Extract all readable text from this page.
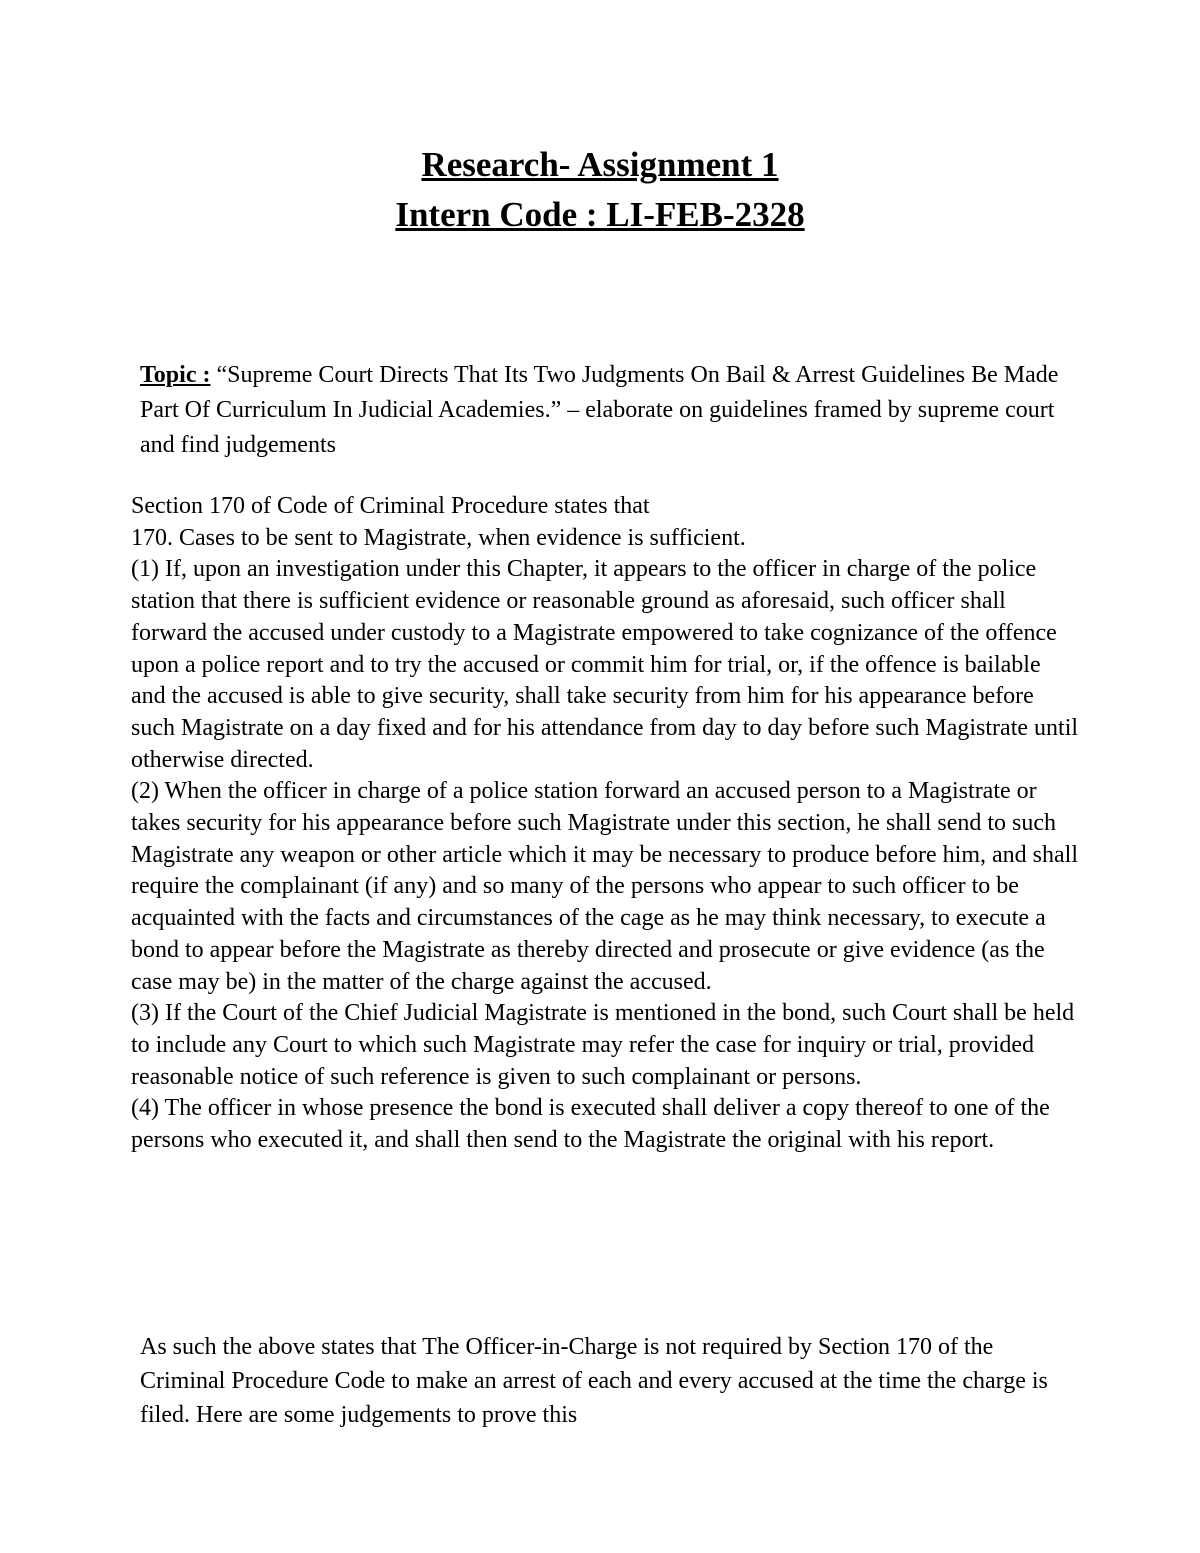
Research- Assignment 1

Intern Code : LI-FEB-2328

Topic : “Supreme Court Directs That Its Two Judgments On Bail & Arrest Guidelines Be Made Part Of Curriculum In Judicial Academies.” – elaborate on guidelines framed by supreme court and find judgements

Section 170 of Code of Criminal Procedure states that

170. Cases to be sent to Magistrate, when evidence is sufficient.

(1) If, upon an investigation under this Chapter, it appears to the officer in charge of the police station that there is sufficient evidence or reasonable ground as aforesaid, such officer shall forward the accused under custody to a Magistrate empowered to take cognizance of the offence upon a police report and to try the accused or commit him for trial, or, if the offence is bailable and the accused is able to give security, shall take security from him for his appearance before such Magistrate on a day fixed and for his attendance from day to day before such Magistrate until otherwise directed.

(2) When the officer in charge of a police station forward an accused person to a Magistrate or takes security for his appearance before such Magistrate under this section, he shall send to such Magistrate any weapon or other article which it may be necessary to produce before him, and shall require the complainant (if any) and so many of the persons who appear to such officer to be acquainted with the facts and circumstances of the cage as he may think necessary, to execute a bond to appear before the Magistrate as thereby directed and prosecute or give evidence (as the case may be) in the matter of the charge against the accused.

(3) If the Court of the Chief Judicial Magistrate is mentioned in the bond, such Court shall be held to include any Court to which such Magistrate may refer the case for inquiry or trial, provided reasonable notice of such reference is given to such complainant or persons.

(4) The officer in whose presence the bond is executed shall deliver a copy thereof to one of the persons who executed it, and shall then send to the Magistrate the original with his report.

As such the above states that The Officer-in-Charge is not required by Section 170 of the Criminal Procedure Code to make an arrest of each and every accused at the time the charge is filed. Here are some judgements to prove this
